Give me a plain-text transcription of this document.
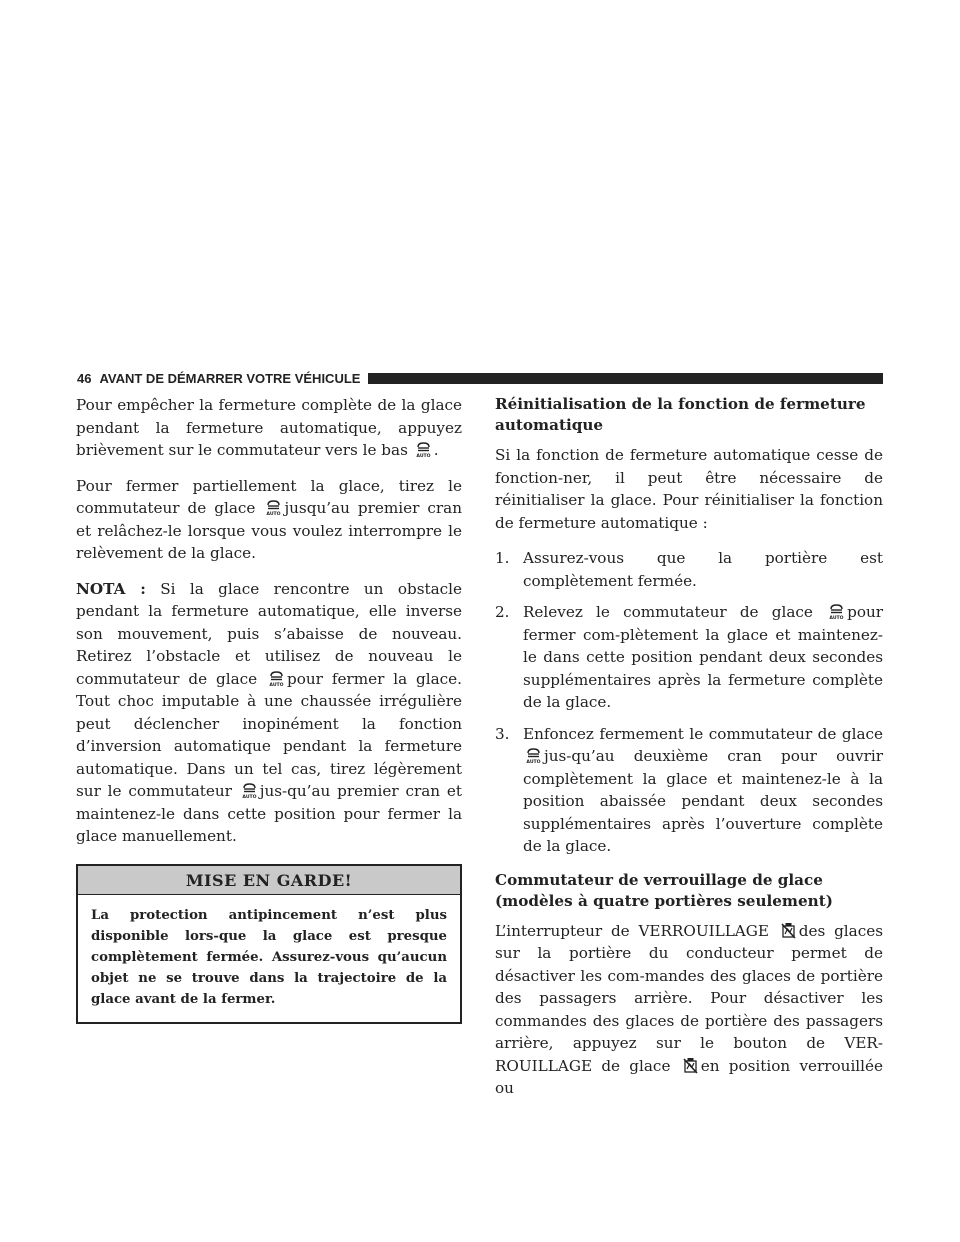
46 AVANT DE DÉMARRER VOTRE VÉHICULE

Pour empêcher la fermeture complète de la glace pendant la fermeture automatique, appuyez brièvement sur le commutateur vers le bas .

Pour fermer partiellement la glace, tirez le commutateur de glace jusqu’au premier cran et relâchez-le lorsque vous voulez interrompre le relèvement de la glace.

NOTA : Si la glace rencontre un obstacle pendant la fermeture automatique, elle inverse son mouvement, puis s’abaisse de nouveau. Retirez l’obstacle et utilisez de nouveau le commutateur de glace pour fermer la glace. Tout choc imputable à une chaussée irrégulière peut déclencher inopinément la fonction d’inversion automatique pendant la fermeture automatique. Dans un tel cas, tirez légèrement sur le commutateur jus-qu’au premier cran et maintenez-le dans cette position pour fermer la glace manuellement.

MISE EN GARDE!
La protection antipincement n’est plus disponible lors-que la glace est presque complètement fermée. Assurez-vous qu’aucun objet ne se trouve dans la trajectoire de la glace avant de la fermer.
Réinitialisation de la fonction de fermeture automatique

Si la fonction de fermeture automatique cesse de fonction-ner, il peut être nécessaire de réinitialiser la glace. Pour réinitialiser la fonction de fermeture automatique :

1. Assurez-vous que la portière est complètement fermée.
2. Relevez le commutateur de glace pour fermer com-plètement la glace et maintenez-le dans cette position pendant deux secondes supplémentaires après la fermeture complète de la glace.
3. Enfoncez fermement le commutateur de glace jus-qu’au deuxième cran pour ouvrir complètement la glace et maintenez-le à la position abaissée pendant deux secondes supplémentaires après l’ouverture complète de la glace.
Commutateur de verrouillage de glace (modèles à quatre portières seulement)

L’interrupteur de VERROUILLAGE des glaces sur la portière du conducteur permet de désactiver les com-mandes des glaces de portière des passagers arrière. Pour désactiver les commandes des glaces de portière des passagers arrière, appuyez sur le bouton de VER-ROUILLAGE de glace en position verrouillée ou
